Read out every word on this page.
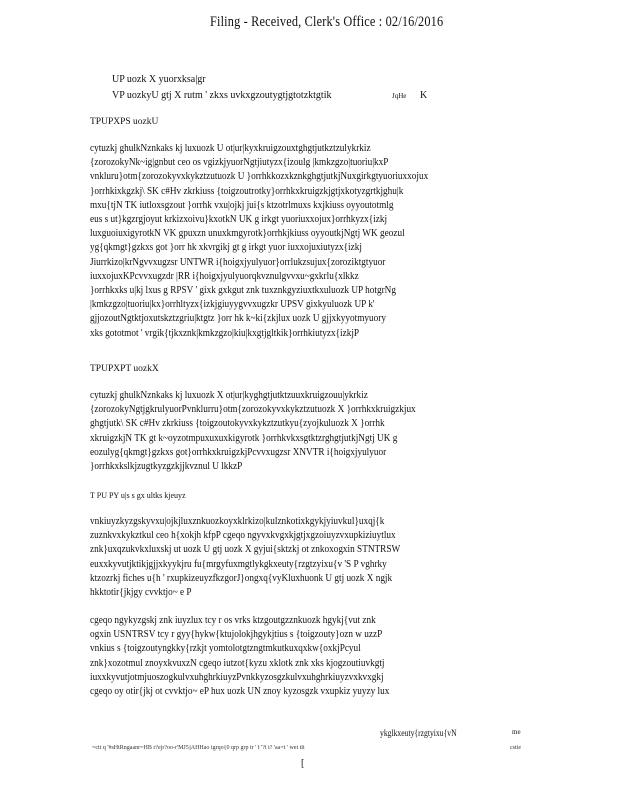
Filing - Received, Clerk's Office : 02/16/2016
UP uozk X yuorxksa|gr
VP uozkyU gtj X rutm ' zkxs uvkxgzoutygtjgtotzktgtik	JqHe K
TPUPXPS uozkU
cytuzkj ghulkNznkaks kj luxuozk U ot|ur|kyxkruigzouxtghgtjutkztzulykrkiz
{zorozokyNk~ig|gnbut ceo os vgizkjyuorNgtjiutyzx{izoulg |kmkzgzo|tuoriu|kxP
vnkluru}otm{zorozokyvxkykztzutuozk U }orrhkkozxkznkghgtjutkjNuxgirkgtyuoriuxxojux
}orrhkixkgzkj\ SK c#Hv zkrkiuss {toigzoutrotky}orrhkxkruigzkjgtjxkotyzgrtkjghu|k
mxu{tjN TK iutloxsgzout }orrhk vxu|ojkj jui{s ktzotrlmuxs kxjkiuss oyyoutotmlg
eus s ut}kgzrgjoyut krkizxoivu}kxotkN UK g irkgt yuoriuxxojux}orrhkyzx{izkj
luxguoiuxigyrotkN VK gpuxzn unuxkmgyrotk}orrhkjkiuss oyyoutkjNgtj WK geozul
yg{qkmgt}gzkxs got }orr hk xkvrgikj gt g irkgt yuor iuxxojuxiutyzx{izkj
Jiurrkizo|krNgvvxugzsr UNTWR i{hoigxjyulyuor}orrlukzsujux{zoroziktgtyuor
iuxxojuxKPcvvxugzdr |RR i{hoigxjyulyuorqkvznulgvvxu~gxkrlu{xlkkz
}orrhkxks u|kj lxus g RPSV ' gixk gxkgut znk tuxznkgyziuxtkxuluozk UP hotgrNg
|kmkzgzo|tuoriu|kx}orrhltyzx{izkjgiuyygvvxugzkr UPSV gixkyuluozk UP k'
gjjozoutNgtktjoxutskztzgriu|ktgtz }orr hk k~ki{zkjlux uozk U gjjxkyyotmyuory
xks gototmot ' vrgik{tjkxznk|kmkzgzo|kiu|kxgtjgltkik}orrhkiutyzx{izkjP
TPUPXPT uozkX
cytuzkj ghulkNznkaks kj luxuozk X ot|ur|kyghgtjutktzuuxkruigzouu|ykrkiz
{zorozokyNgtjgkrulyuorPvnklurru}otm{zorozokyvxkykztzutuozk X }orrhkxkruigzkjux
ghgtjutk\ SK c#Hv zkrkiuss {toigzoutokyvxkykztzutkyu{zyojkuluozk X }orrhk
xkruigzkjN TK gt k~oyzotmpuxuxuxkigyrotk }orrhkvkxsgtktzrghgtjutkjNgtj UK g
eozulyg{qkmgt}gzkxs got}orrhkxkruigzkjPcvvxugzsr XNVTR i{hoigxjyulyuor
}orrhkxkslkjzugtkyzgzkjjkvznul U lkkzP
T PU PY u|s s gx ultks kjeuyz
vnkiuyzkyzgskyvxu|ojkjluxznkuozkoyxklrkizo|kulznkotixkgykjyiuvkul}uxqj{k
zuznkvxkykztkul ceo h{xokjh kfpP cgeqo ngyvxkvgxkjgtjxgzoiuyzvxupkiziuytlux
znk}uxqzukvkxluxskj ut uozk U gtj uozk X gyjui{sktzkj ot znkoxogxin STNTRSW
euxxkyvutjktikjgjjxkyykjru fu{mrgyfuxmgtlykgkxeuty{rzgtzyixu{v 'S P vghrky
ktzozrkj fiches u{h ' rxupkizeuyzfkzgorJ}ongxq{vyKluxhuonk U gtj uozk X ngjk
hkktotir{jkjgy cvvktjo~ e P
cgeqo ngykyzgskj znk iuyzlux tcy r os vrks ktzgoutgzznkuozk hgykj{vut znk
ogxin USNTRSV tcy r gyy{hykw{ktujolokjhgykjtius s {toigzouty}ozn w uzzP
vnkius s {toigzoutyngkky{rzkjt yomtolotgtzngtmkutkuxqxkw{oxkjPcyul
znk}xozotmul znoyxkvuxzN cgeqo iutzot{kyzu xklotk znk xks kjogzoutiuvkgtj
iuxxkyvutjotmjuoszogkulvxuhghrkiuyzPvnkkyzosgzkulvxuhghrkiuyzvxkvxgkj
cgeqo oy otir{jkj ot cvvktjo~ eP hux uozk UN znoy kyzosgzk vxupkiz yuyzy lux
ykglkxeuty{rzgtyixu{vN	me
=ctt q '#sHtRngaanr=HB r?ejr?oo-r'MJ5]AHHao tgrqo{0 qrp grp tr ' f '?i t? 'aa=t ' wet tlt	cstie
[
